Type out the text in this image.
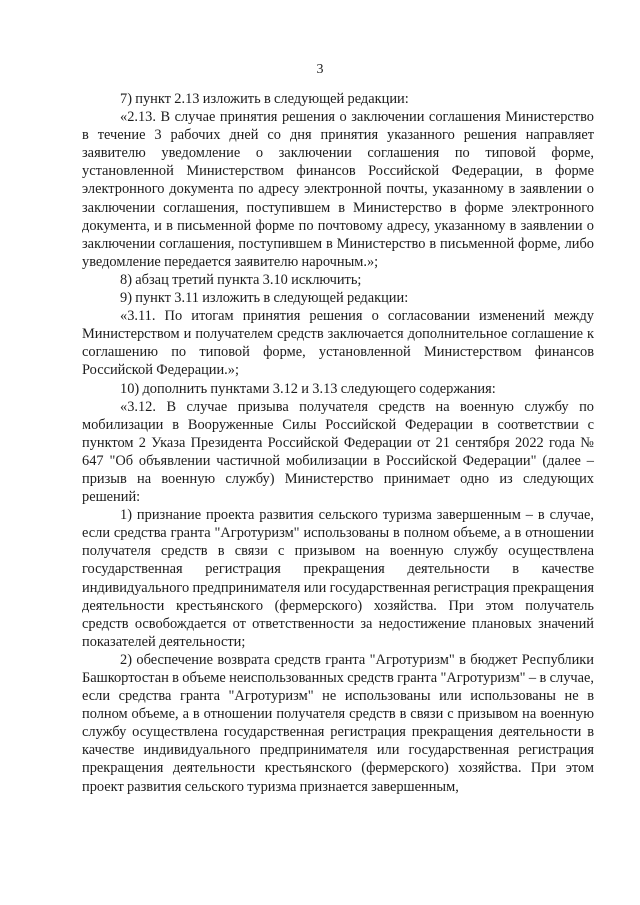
3

7) пункт 2.13 изложить в следующей редакции:

«2.13. В случае принятия решения о заключении соглашения Министерство в течение 3 рабочих дней со дня принятия указанного решения направляет заявителю уведомление о заключении соглашения по типовой форме, установленной Министерством финансов Российской Федерации, в форме электронного документа по адресу электронной почты, указанному в заявлении о заключении соглашения, поступившем в Министерство в форме электронного документа, и в письменной форме по почтовому адресу, указанному в заявлении о заключении соглашения, поступившем в Министерство в письменной форме, либо уведомление передается заявителю нарочным.»;

8) абзац третий пункта 3.10 исключить;

9) пункт 3.11 изложить в следующей редакции:

«3.11. По итогам принятия решения о согласовании изменений между Министерством и получателем средств заключается дополнительное соглашение к соглашению по типовой форме, установленной Министерством финансов Российской Федерации.»;

10) дополнить пунктами 3.12 и 3.13 следующего содержания:

«3.12. В случае призыва получателя средств на военную службу по мобилизации в Вооруженные Силы Российской Федерации в соответствии с пунктом 2 Указа Президента Российской Федерации от 21 сентября 2022 года № 647 "Об объявлении частичной мобилизации в Российской Федерации" (далее – призыв на военную службу) Министерство принимает одно из следующих решений:

1) признание проекта развития сельского туризма завершенным – в случае, если средства гранта "Агротуризм" использованы в полном объеме, а в отношении получателя средств в связи с призывом на военную службу осуществлена государственная регистрация прекращения деятельности в качестве индивидуального предпринимателя или государственная регистрация прекращения деятельности крестьянского (фермерского) хозяйства. При этом получатель средств освобождается от ответственности за недостижение плановых значений показателей деятельности;

2) обеспечение возврата средств гранта "Агротуризм" в бюджет Республики Башкортостан в объеме неиспользованных средств гранта "Агротуризм" – в случае, если средства гранта "Агротуризм" не использованы или использованы не в полном объеме, а в отношении получателя средств в связи с призывом на военную службу осуществлена государственная регистрация прекращения деятельности в качестве индивидуального предпринимателя или государственная регистрация прекращения деятельности крестьянского (фермерского) хозяйства. При этом проект развития сельского туризма признается завершенным,
